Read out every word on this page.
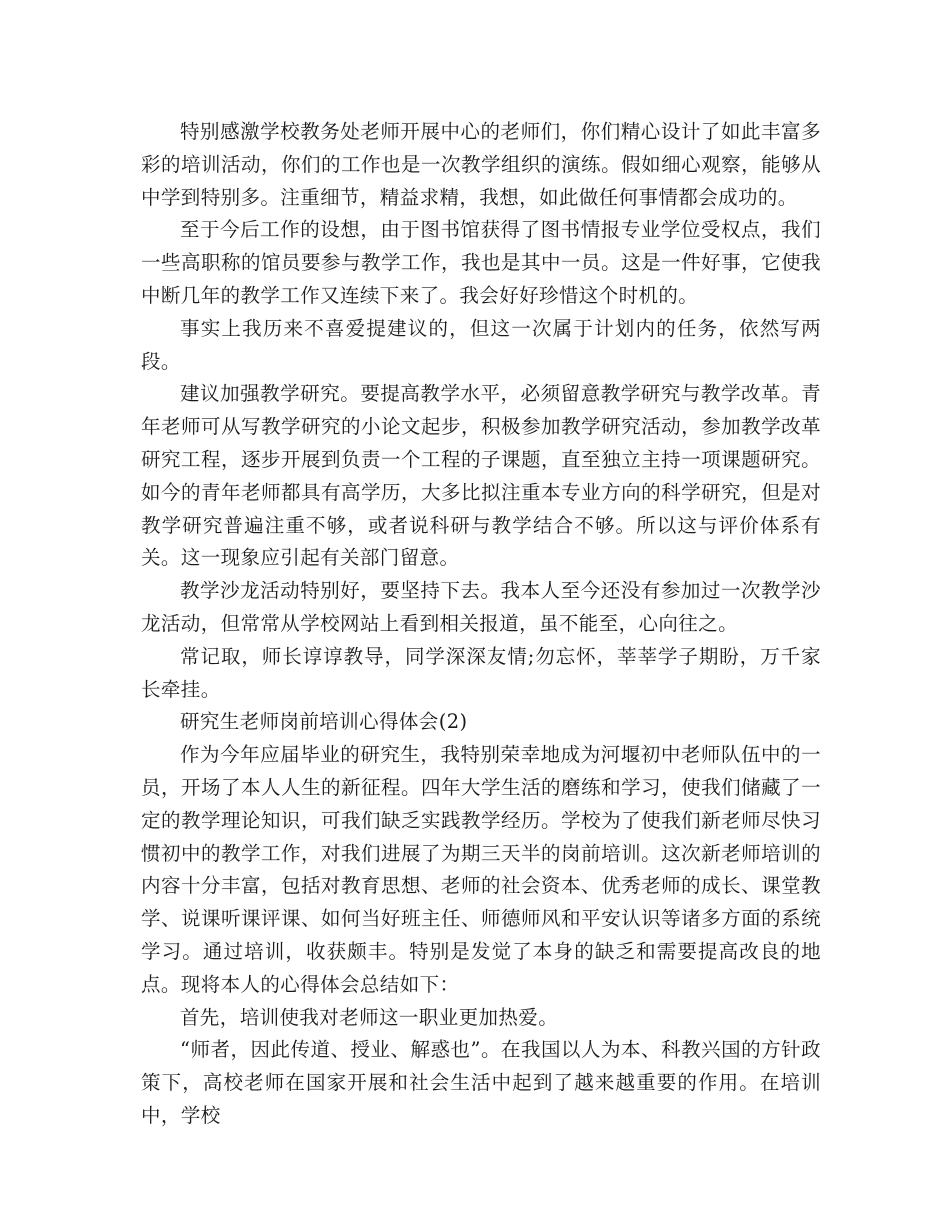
特别感激学校教务处老师开展中心的老师们，你们精心设计了如此丰富多彩的培训活动，你们的工作也是一次教学组织的演练。假如细心观察，能够从中学到特别多。注重细节，精益求精，我想，如此做任何事情都会成功的。

至于今后工作的设想，由于图书馆获得了图书情报专业学位受权点，我们一些高职称的馆员要参与教学工作，我也是其中一员。这是一件好事，它使我中断几年的教学工作又连续下来了。我会好好珍惜这个时机的。

事实上我历来不喜爱提建议的，但这一次属于计划内的任务，依然写两段。

建议加强教学研究。要提高教学水平，必须留意教学研究与教学改革。青年老师可从写教学研究的小论文起步，积极参加教学研究活动，参加教学改革研究工程，逐步开展到负责一个工程的子课题，直至独立主持一项课题研究。如今的青年老师都具有高学历，大多比拟注重本专业方向的科学研究，但是对教学研究普遍注重不够，或者说科研与教学结合不够。所以这与评价体系有关。这一现象应引起有关部门留意。

教学沙龙活动特别好，要坚持下去。我本人至今还没有参加过一次教学沙龙活动，但常常从学校网站上看到相关报道，虽不能至，心向往之。

常记取，师长谆谆教导，同学深深友情;勿忘怀，莘莘学子期盼，万千家长牵挂。

研究生老师岗前培训心得体会(2)

作为今年应届毕业的研究生，我特别荣幸地成为河堰初中老师队伍中的一员，开场了本人人生的新征程。四年大学生活的磨练和学习，使我们储藏了一定的教学理论知识，可我们缺乏实践教学经历。学校为了使我们新老师尽快习惯初中的教学工作，对我们进展了为期三天半的岗前培训。这次新老师培训的内容十分丰富，包括对教育思想、老师的社会资本、优秀老师的成长、课堂教学、说课听课评课、如何当好班主任、师德师风和平安认识等诸多方面的系统学习。通过培训，收获颇丰。特别是发觉了本身的缺乏和需要提高改良的地点。现将本人的心得体会总结如下：

首先，培训使我对老师这一职业更加热爱。

“师者，因此传道、授业、解惑也”。在我国以人为本、科教兴国的方针政策下，高校老师在国家开展和社会生活中起到了越来越重要的作用。在培训中，学校
